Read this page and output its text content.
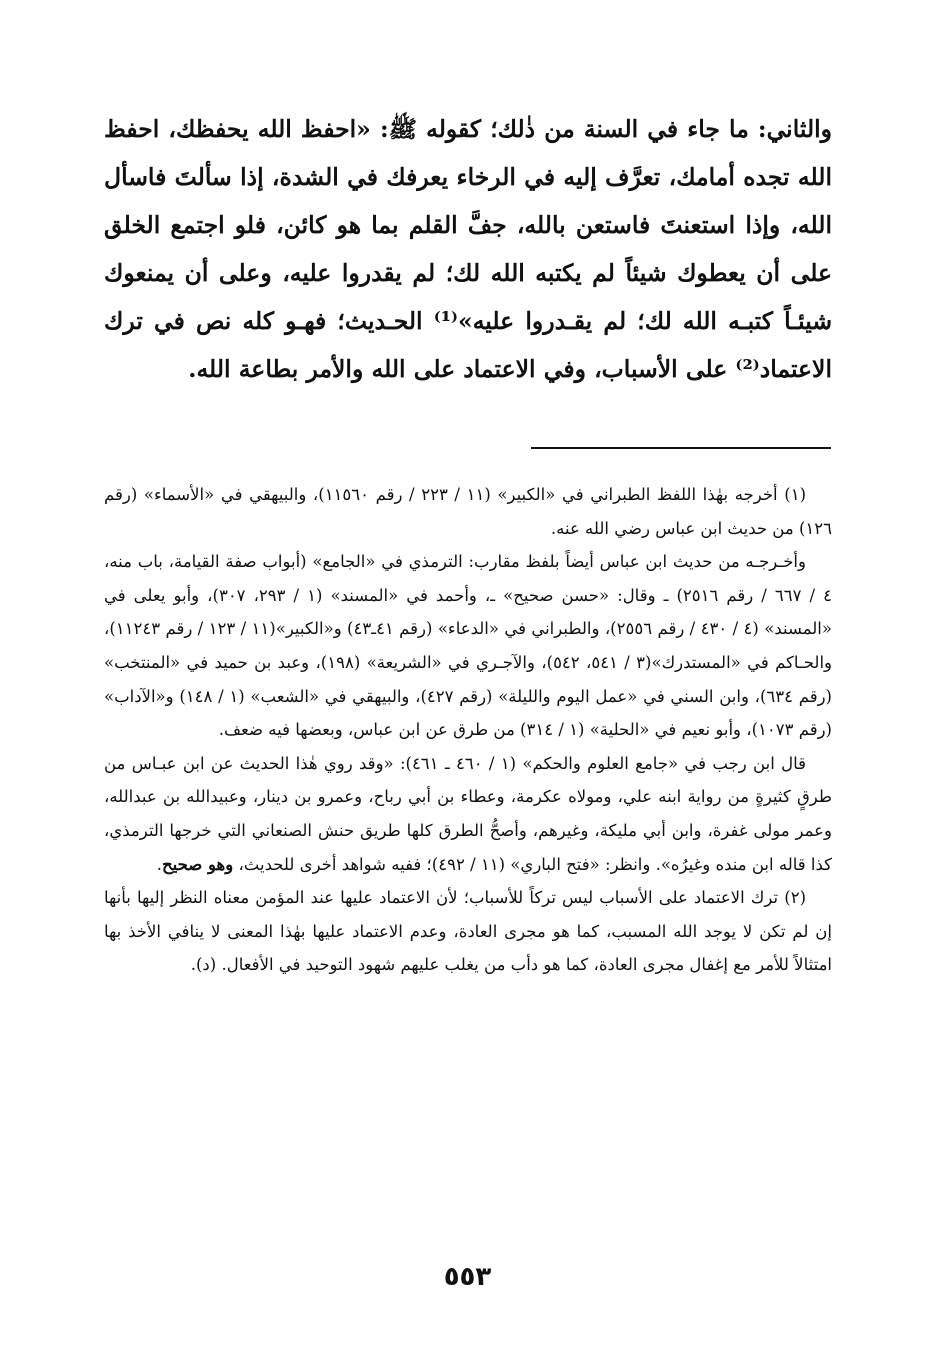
والثاني: ما جاء في السنة من ذٰلك؛ كقوله ﷺ: «احفظ الله يحفظك، احفظ الله تجده أمامك، تعرَّف إليه في الرخاء يعرفك في الشدة، إذا سألتَ فاسأل الله، وإذا استعنتَ فاستعن بالله، جفَّ القلم بما هو كائن، فلو اجتمع الخلق على أن يعطوك شيئاً لم يكتبه الله لك؛ لم يقدروا عليه، وعلى أن يمنعوك شيئـاً كتبـه الله لك؛ لم يقـدروا عليه»⁽¹⁾ الحـديث؛ فهـو كله نص في ترك الاعتماد⁽²⁾ على الأسباب، وفي الاعتماد على الله والأمر بطاعة الله.

(١) أخرجه بهٰذا اللفظ الطبراني في «الكبير» (١١ / ٢٢٣ / رقم ١١٥٦٠)، والبيهقي في «الأسماء» (رقم ١٢٦) من حديث ابن عباس رضي الله عنه.

وأخـرجـه من حديث ابن عباس أيضاً بلفظ مقارب: الترمذي في «الجامع» (أبواب صفة القيامة، باب منه، ٤ / ٦٦٧ / رقم ٢٥١٦) ـ وقال: «حسن صحيح» ـ، وأحمد في «المسند» (١ / ٢٩٣، ٣٠٧)، وأبو يعلى في «المسند» (٤ / ٤٣٠ / رقم ٢٥٥٦)، والطبراني في «الدعاء» (رقم ٤١ـ٤٣) و«الكبير»(١١ / ١٢٣ / رقم ١١٢٤٣)، والحـاكم في «المستدرك»(٣ / ٥٤١، ٥٤٢)، والآجـري في «الشريعة» (١٩٨)، وعبد بن حميد في «المنتخب» (رقم ٦٣٤)، وابن السني في «عمل اليوم والليلة» (رقم ٤٢٧)، والبيهقي في «الشعب» (١ / ١٤٨) و«الآداب» (رقم ١٠٧٣)، وأبو نعيم في «الحلية» (١ / ٣١٤) من طرق عن ابن عباس، وبعضها فيه ضعف.

قال ابن رجب في «جامع العلوم والحكم» (١ / ٤٦٠ ـ ٤٦١): «وقد روي هٰذا الحديث عن ابن عبـاس من طرقٍ كثيرةٍ من رواية ابنه علي، ومولاه عكرمة، وعطاء بن أبي رباح، وعمرو بن دينار، وعبيدالله بن عبدالله، وعمر مولى غفرة، وابن أبي مليكة، وغيرهم، وأصحُّ الطرق كلها طريق حنش الصنعاني التي خرجها الترمذي، كذا قاله ابن منده وغيرُه». وانظر: «فتح الباري» (١١ / ٤٩٢)؛ ففيه شواهد أخرى للحديث، وهو صحيح.

(٢) ترك الاعتماد على الأسباب ليس تركاً للأسباب؛ لأن الاعتماد عليها عند المؤمن معناه النظر إليها بأنها إن لم تكن لا يوجد الله المسبب، كما هو مجرى العادة، وعدم الاعتماد عليها بهٰذا المعنى لا ينافي الأخذ بها امتثالاً للأمر مع إغفال مجرى العادة، كما هو دأب من يغلب عليهم شهود التوحيد في الأفعال. (د).

٥٥٣
